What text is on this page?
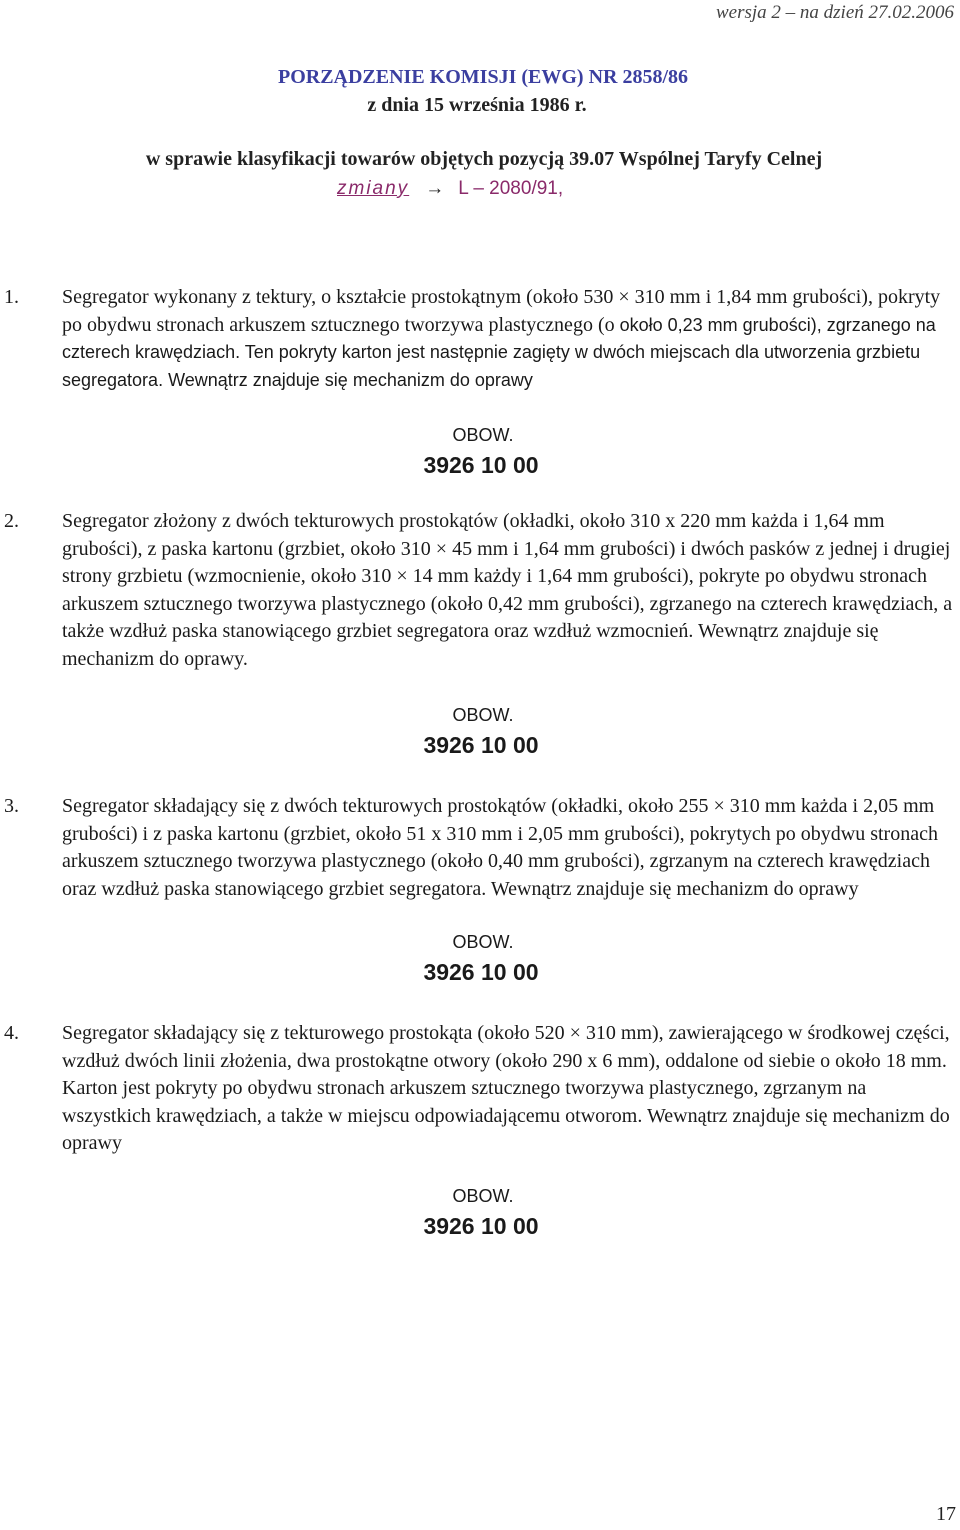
wersja 2 – na dzień 27.02.2006
PORZĄDZENIE KOMISJI (EWG) NR 2858/86
z dnia 15 września 1986 r.
w sprawie klasyfikacji towarów objętych pozycją 39.07 Wspólnej Taryfy Celnej
zmiany → L – 2080/91,
1. Segregator wykonany z tektury, o kształcie prostokątnym (około 530 × 310 mm i 1,84 mm grubości), pokryty po obydwu stronach arkuszem sztucznego tworzywa plastycznego (o około 0,23 mm grubości), zgrzanego na czterech krawędziach. Ten pokryty karton jest następnie zagięty w dwóch miejscach dla utworzenia grzbietu segregatora. Wewnątrz znajduje się mechanizm do oprawy
OBOW.
3926 10 00
2. Segregator złożony z dwóch tekturowych prostokątów (okładki, około 310 x 220 mm każda i 1,64 mm grubości), z paska kartonu (grzbiet, około 310 × 45 mm i 1,64 mm grubości) i dwóch pasków z jednej i drugiej strony grzbietu (wzmocnienie, około 310 × 14 mm każdy i 1,64 mm grubości), pokryte po obydwu stronach arkuszem sztucznego tworzywa plastycznego (około 0,42 mm grubości), zgrzanego na czterech krawędziach, a także wzdłuż paska stanowiącego grzbiet segregatora oraz wzdłuż wzmocnień. Wewnątrz znajduje się mechanizm do oprawy.
OBOW.
3926 10 00
3. Segregator składający się z dwóch tekturowych prostokątów (okładki, około 255 × 310 mm każda i 2,05 mm grubości) i z paska kartonu (grzbiet, około 51 x 310 mm i 2,05 mm grubości), pokrytych po obydwu stronach arkuszem sztucznego tworzywa plastycznego (około 0,40 mm grubości), zgrzanym na czterech krawędziach oraz wzdłuż paska stanowiącego grzbiet segregatora. Wewnątrz znajduje się mechanizm do oprawy
OBOW.
3926 10 00
4. Segregator składający się z tekturowego prostokąta (około 520 × 310 mm), zawierającego w środkowej części, wzdłuż dwóch linii złożenia, dwa prostokątne otwory (około 290 x 6 mm), oddalone od siebie o około 18 mm. Karton jest pokryty po obydwu stronach arkuszem sztucznego tworzywa plastycznego, zgrzanym na wszystkich krawędziach, a także w miejscu odpowiadającemu otworom. Wewnątrz znajduje się mechanizm do oprawy
OBOW.
3926 10 00
17
